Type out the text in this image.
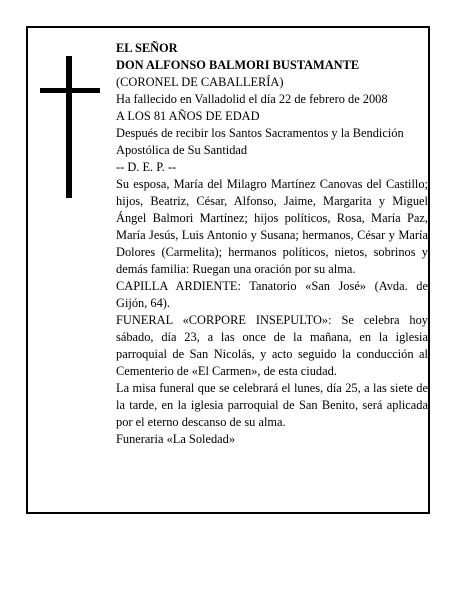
EL SEÑOR
DON ALFONSO BALMORI BUSTAMANTE
(CORONEL DE CABALLERÍA)
Ha fallecido en Valladolid el día 22 de febrero de 2008
A LOS 81 AÑOS DE EDAD
Después de recibir los Santos Sacramentos y la Bendición Apostólica de Su Santidad
-- D. E. P. --
Su esposa, María del Milagro Martínez Canovas del Castillo; hijos, Beatriz, César, Alfonso, Jaime, Margarita y Miguel Ángel Balmori Martínez; hijos políticos, Rosa, María Paz, María Jesús, Luis Antonio y Susana; hermanos, César y María Dolores (Carmelita); hermanos políticos, nietos, sobrinos y demás familia: Ruegan una oración por su alma.
CAPILLA ARDIENTE: Tanatorio «San José» (Avda. de Gijón, 64).
FUNERAL «CORPORE INSEPULTO»: Se celebra hoy sábado, día 23, a las once de la mañana, en la iglesia parroquial de San Nicolás, y acto seguido la conducción al Cementerio de «El Carmen», de esta ciudad.
La misa funeral que se celebrará el lunes, día 25, a las siete de la tarde, en la iglesia parroquial de San Benito, será aplicada por el eterno descanso de su alma.
Funeraria «La Soledad»
